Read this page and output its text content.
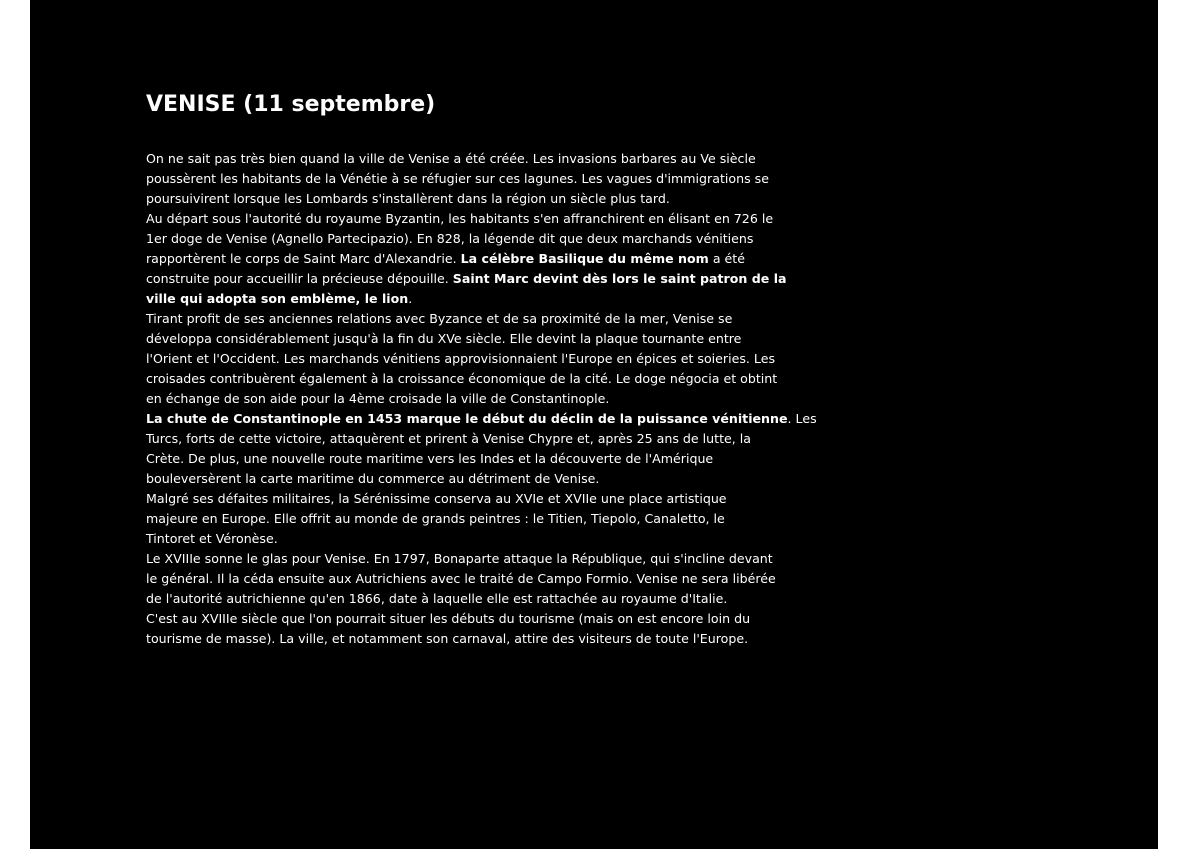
VENISE (11 septembre)
On ne sait pas très bien quand la ville de Venise a été créée. Les invasions barbares au Ve siècle
poussèrent les habitants de la Vénétie à se réfugier sur ces lagunes. Les vagues d'immigrations se
poursuivirent lorsque les Lombards s'installèrent dans la région un siècle plus tard.
Au départ sous l'autorité du royaume Byzantin, les habitants s'en affranchirent en élisant en 726 le
1er doge de Venise (Agnello Partecipazio). En 828, la légende dit que deux marchands vénitiens
rapportèrent le corps de Saint Marc d'Alexandrie. La célèbre Basilique du même nom a été
construite pour accueillir la précieuse dépouille. Saint Marc devint dès lors le saint patron de la
ville qui adopta son emblème, le lion.
Tirant profit de ses anciennes relations avec Byzance et de sa proximité de la mer, Venise se
développa considérablement jusqu'à la fin du XVe siècle. Elle devint la plaque tournante entre
l'Orient et l'Occident. Les marchands vénitiens approvisionnaient l'Europe en épices et soieries. Les
croisades contribuèrent également à la croissance économique de la cité. Le doge négocia et obtint
en échange de son aide pour la 4ème croisade la ville de Constantinople.
La chute de Constantinople en 1453 marque le début du déclin de la puissance vénitienne. Les
Turcs, forts de cette victoire, attaquèrent et prirent à Venise Chypre et, après 25 ans de lutte, la
Crète. De plus, une nouvelle route maritime vers les Indes et la découverte de l'Amérique
bouleversèrent la carte maritime du commerce au détriment de Venise.
Malgré ses défaites militaires, la Sérénissime conserva au XVIe et XVIIe une place artistique
majeure en Europe. Elle offrit au monde de grands peintres : le Titien, Tiepolo, Canaletto, le
Tintoret et Véronèse.
Le XVIIIe sonne le glas pour Venise. En 1797, Bonaparte attaque la République, qui s'incline devant
le général. Il la céda ensuite aux Autrichiens avec le traité de Campo Formio. Venise ne sera libérée
de l'autorité autrichienne qu'en 1866, date à laquelle elle est rattachée au royaume d'Italie.
C'est au XVIIIe siècle que l'on pourrait situer les débuts du tourisme (mais on est encore loin du
tourisme de masse). La ville, et notamment son carnaval, attire des visiteurs de toute l'Europe.
